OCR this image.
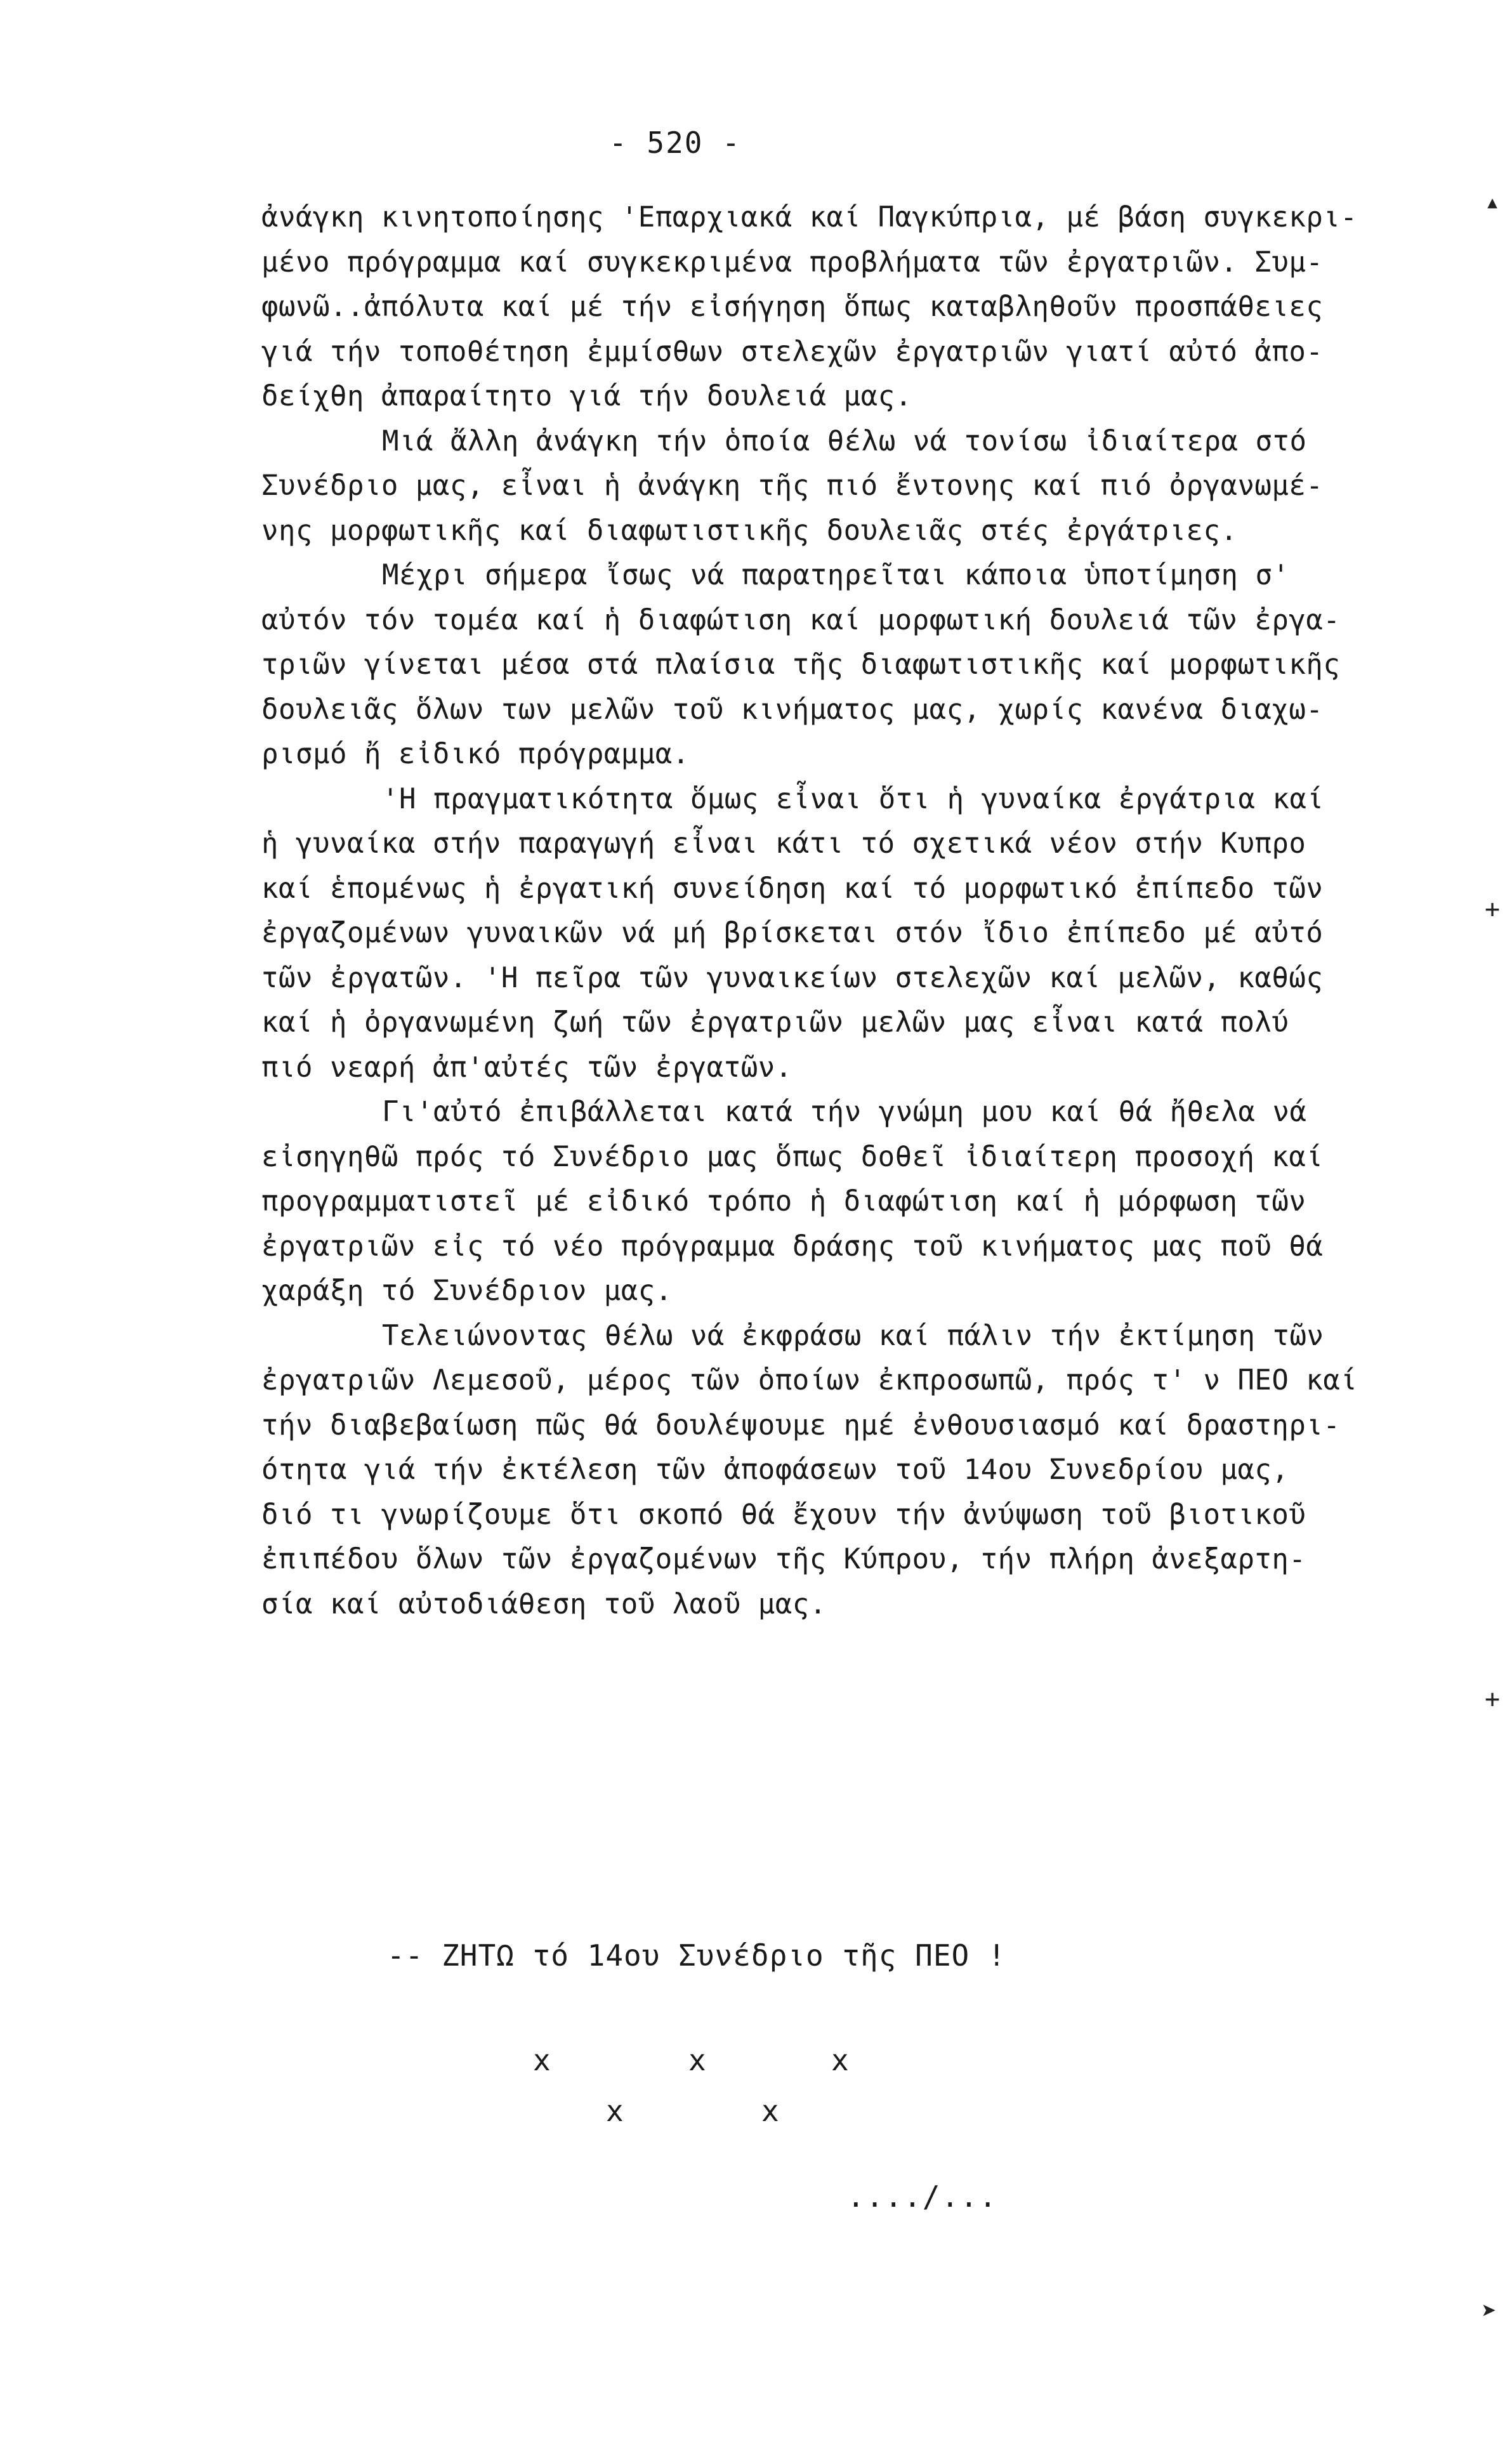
- 520 -
ἀνάγκη κινητοποίησης 'Επαρχιακά καί Παγκύπρια, μέ βάση συγκεκρι-
μένο πρόγραμμα καί συγκεκριμένα προβλήματα τῶν ἐργατριῶν. Συμ-
φωνῶ..ἀπόλυτα καί μέ τήν εἰσήγηση ὅπως καταβληθοῦν προσπάθειες
γιά τήν τοποθέτηση ἐμμίσθων στελεχῶν ἐργατριῶν γιατί αὐτό ἀπο-
δείχθη ἀπαραίτητο γιά τήν δουλειά μας.
Μιά ἄλλη ἀνάγκη τήν ὁποία θέλω νά τονίσω ἰδιαίτερα στό
Συνέδριο μας, εἶναι ἡ ἀνάγκη τῆς πιό ἔντονης καί πιό ὀργανωμέ-
νης μορφωτικῆς καί διαφωτιστικῆς δουλειᾶς στές ἐργάτριες.
Μέχρι σήμερα ἴσως νά παρατηρεῖται κάποια ὑποτίμηση σ'
αὐτόν τόν τομέα καί ἡ διαφώτιση καί μορφωτική δουλειά τῶν ἐργα-
τριῶν γίνεται μέσα στά πλαίσια τῆς διαφωτιστικῆς καί μορφωτικῆς
δουλειᾶς ὅλων των μελῶν τοῦ κινήματος μας, χωρίς κανένα διαχω-
ρισμό ἤ εἰδικό πρόγραμμα.
'Η πραγματικότητα ὅμως εἶναι ὅτι ἡ γυναίκα ἐργάτρια καί
ἡ γυναίκα στήν παραγωγή εἶναι κάτι τό σχετικά νέον στήν Κυπρο
καί ἑπομένως ἡ ἐργατική συνείδηση καί τό μορφωτικό ἐπίπεδο τῶν
ἐργαζομένων γυναικῶν νά μή βρίσκεται στόν ἴδιο ἐπίπεδο μέ αὐτό
τῶν ἐργατῶν. 'Η πεῖρα τῶν γυναικείων στελεχῶν καί μελῶν, καθώς
καί ἡ ὀργανωμένη ζωή τῶν ἐργατριῶν μελῶν μας εἶναι κατά πολύ
πιό νεαρή ἀπ'αὐτές τῶν ἐργατῶν.
Γι'αὐτό ἐπιβάλλεται κατά τήν γνώμη μου καί θά ἤθελα νά
εἰσηγηθῶ πρός τό Συνέδριο μας ὅπως δοθεῖ ἰδιαίτερη προσοχή καί
προγραμματιστεῖ μέ εἰδικό τρόπο ἡ διαφώτιση καί ἡ μόρφωση τῶν
ἐργατριῶν εἰς τό νέο πρόγραμμα δράσης τοῦ κινήματος μας ποῦ θά
χαράξη τό Συνέδριον μας.
Τελειώνοντας θέλω νά ἐκφράσω καί πάλιν τήν ἐκτίμηση τῶν
ἐργατριῶν Λεμεσοῦ, μέρος τῶν ὁποίων ἐκπροσωπῶ, πρός τ' ν ΠΕΟ καί
τήν διαβεβαίωση πῶς θά δουλέψουμε ημέ ἐνθουσιασμό καί δραστηρι-
ότητα γιά τήν ἐκτέλεση τῶν ἀποφάσεων τοῦ 14ου Συνεδρίου μας,
διό τι γνωρίζουμε ὅτι σκοπό θά ἔχουν τήν ἀνύψωση τοῦ βιοτικοῦ
ἐπιπέδου ὅλων τῶν ἐργαζομένων τῆς Κύπρου, τήν πλήρη ἀνεξαρτη-
σία καί αὐτοδιάθεση τοῦ λαοῦ μας.
-- ΖΗΤΩ τό 14ου Συνέδριο τῆς ΠΕΟ !
x	x	x
x	x
..../...
▴
+
+
➤
